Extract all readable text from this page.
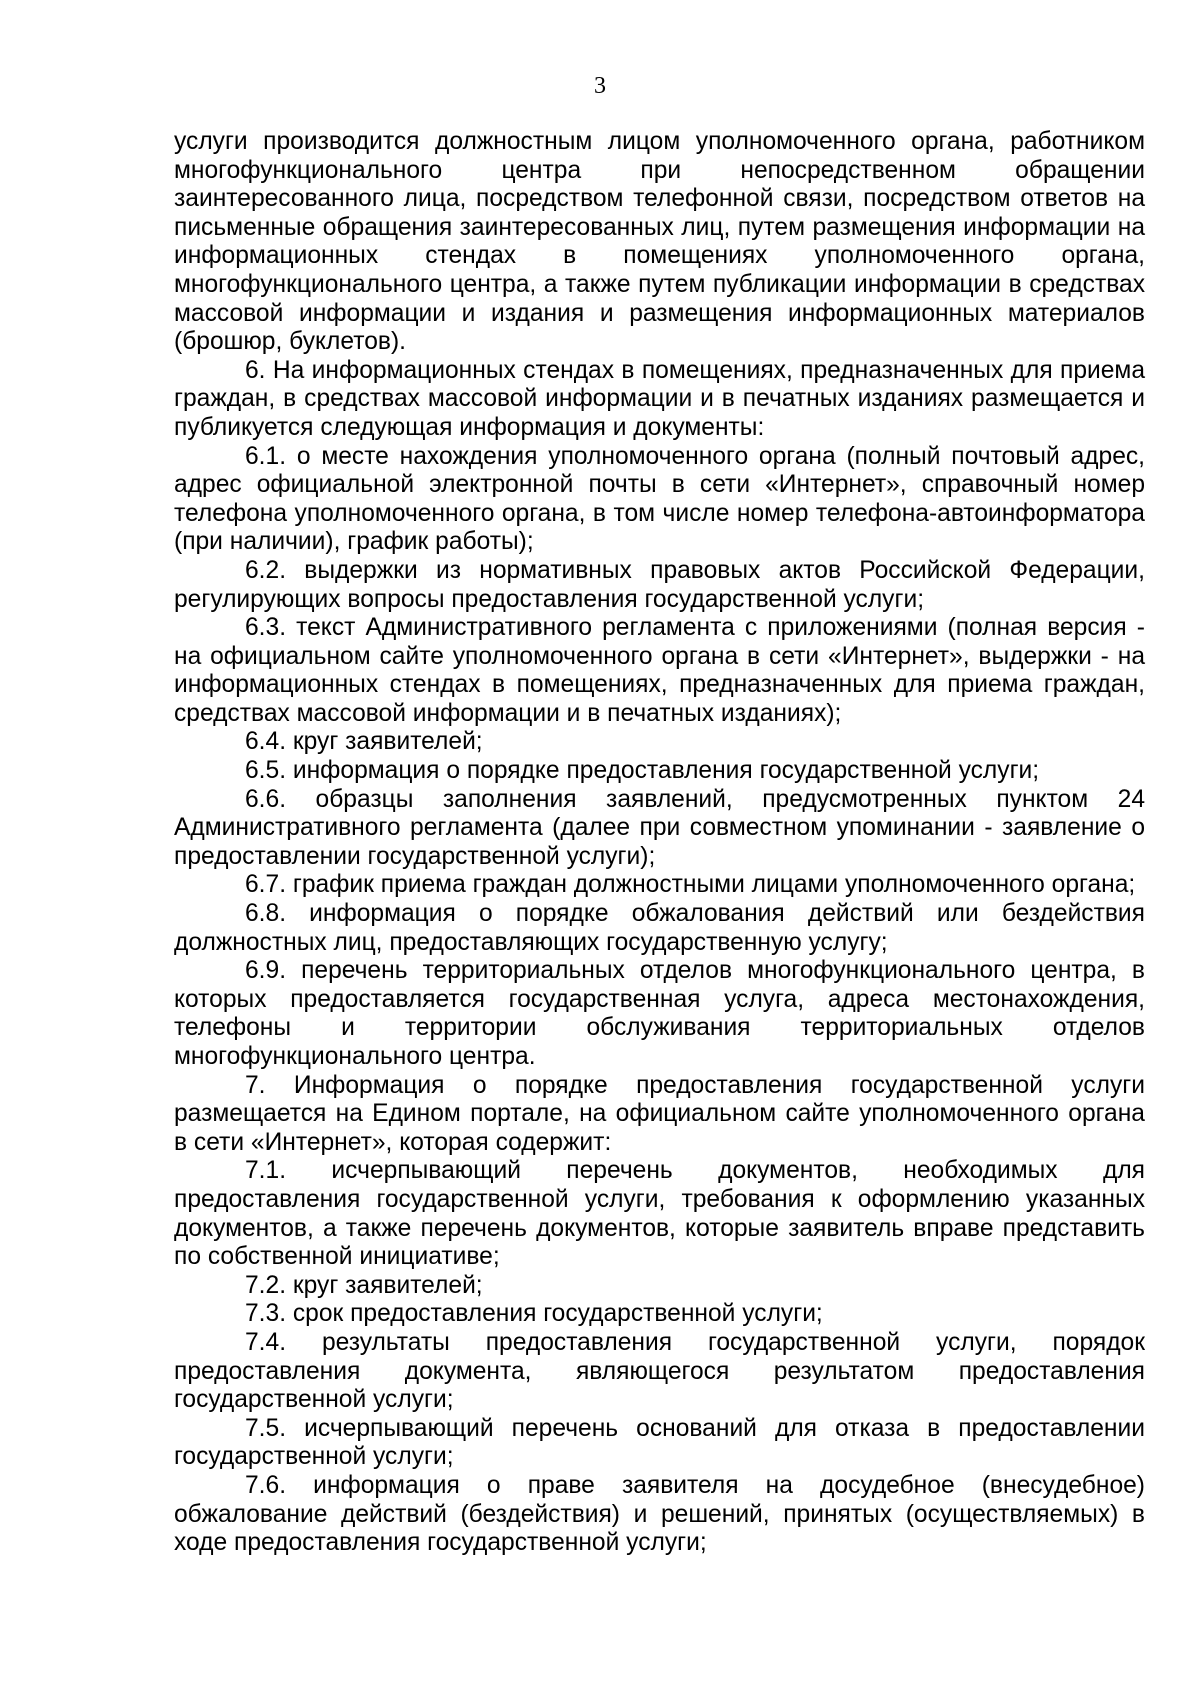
3

услуги производится должностным лицом уполномоченного органа, работником многофункционального центра при непосредственном обращении заинтересованного лица, посредством телефонной связи, посредством ответов на письменные обращения заинтересованных лиц, путем размещения информации на информационных стендах в помещениях уполномоченного органа, многофункционального центра, а также путем публикации информации в средствах массовой информации и издания и размещения информационных материалов (брошюр, буклетов).

6. На информационных стендах в помещениях, предназначенных для приема граждан, в средствах массовой информации и в печатных изданиях размещается и публикуется следующая информация и документы:

6.1. о месте нахождения уполномоченного органа (полный почтовый адрес, адрес официальной электронной почты в сети «Интернет», справочный номер телефона уполномоченного органа, в том числе номер телефона-автоинформатора (при наличии), график работы);

6.2. выдержки из нормативных правовых актов Российской Федерации, регулирующих вопросы предоставления государственной услуги;

6.3. текст Административного регламента с приложениями (полная версия - на официальном сайте уполномоченного органа в сети «Интернет», выдержки - на информационных стендах в помещениях, предназначенных для приема граждан, средствах массовой информации и в печатных изданиях);

6.4. круг заявителей;

6.5. информация о порядке предоставления государственной услуги;

6.6. образцы заполнения заявлений, предусмотренных пунктом 24 Административного регламента (далее при совместном упоминании - заявление о предоставлении государственной услуги);

6.7. график приема граждан должностными лицами уполномоченного органа;

6.8. информация о порядке обжалования действий или бездействия должностных лиц, предоставляющих государственную услугу;

6.9. перечень территориальных отделов многофункционального центра, в которых предоставляется государственная услуга, адреса местонахождения, телефоны и территории обслуживания территориальных отделов многофункционального центра.

7. Информация о порядке предоставления государственной услуги размещается на Едином портале, на официальном сайте уполномоченного органа в сети «Интернет», которая содержит:

7.1. исчерпывающий перечень документов, необходимых для предоставления государственной услуги, требования к оформлению указанных документов, а также перечень документов, которые заявитель вправе представить по собственной инициативе;

7.2. круг заявителей;

7.3. срок предоставления государственной услуги;

7.4. результаты предоставления государственной услуги, порядок предоставления документа, являющегося результатом предоставления государственной услуги;

7.5. исчерпывающий перечень оснований для отказа в предоставлении государственной услуги;

7.6. информация о праве заявителя на досудебное (внесудебное) обжалование действий (бездействия) и решений, принятых (осуществляемых) в ходе предоставления государственной услуги;
